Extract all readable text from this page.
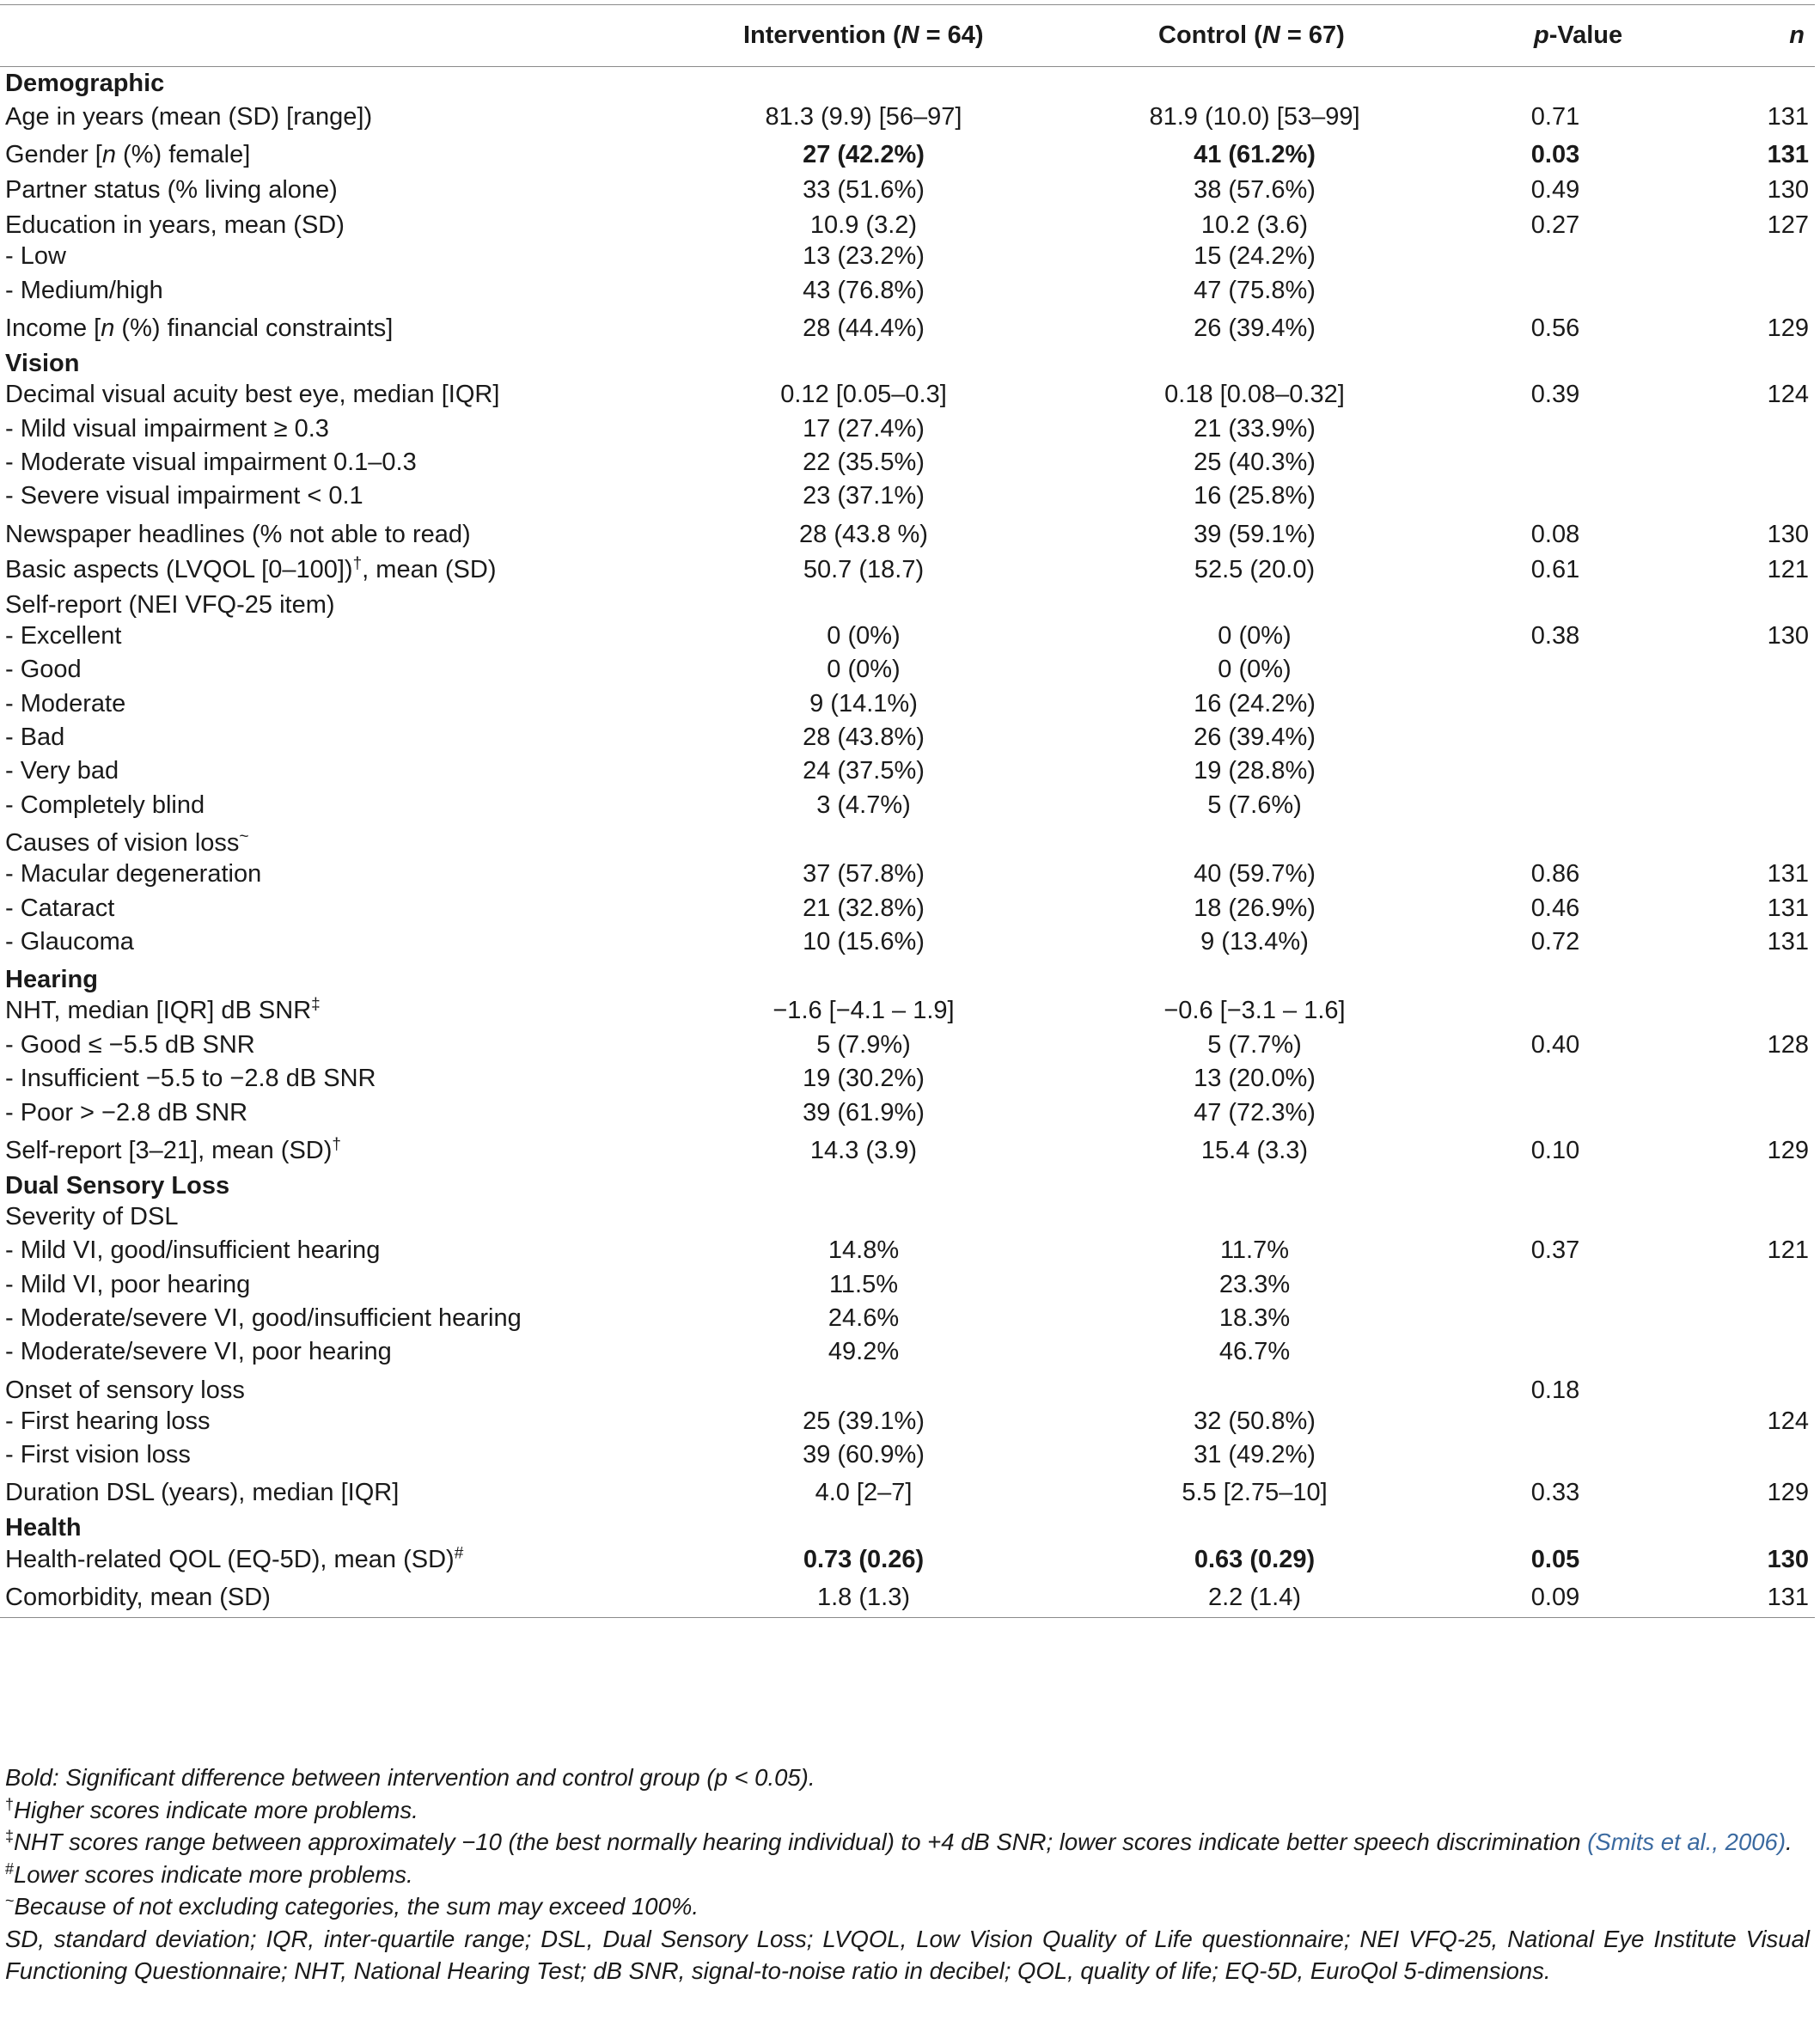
	Intervention (N = 64)	Control (N = 67)	p-Value	n
Demographic				
Age in years (mean (SD) [range])	81.3 (9.9) [56–97]	81.9 (10.0) [53–99]	0.71	131
Gender [n (%) female]	27 (42.2%)	41 (61.2%)	0.03	131
Partner status (% living alone)	33 (51.6%)	38 (57.6%)	0.49	130
Education in years, mean (SD)	10.9 (3.2)	10.2 (3.6)	0.27	127
- Low	13 (23.2%)	15 (24.2%)		
- Medium/high	43 (76.8%)	47 (75.8%)		
Income [n (%) financial constraints]	28 (44.4%)	26 (39.4%)	0.56	129
Vision				
Decimal visual acuity best eye, median [IQR]	0.12 [0.05–0.3]	0.18 [0.08–0.32]	0.39	124
- Mild visual impairment ≥ 0.3	17 (27.4%)	21 (33.9%)		
- Moderate visual impairment 0.1–0.3	22 (35.5%)	25 (40.3%)		
- Severe visual impairment < 0.1	23 (37.1%)	16 (25.8%)		
Newspaper headlines (% not able to read)	28 (43.8 %)	39 (59.1%)	0.08	130
Basic aspects (LVQOL [0–100])†, mean (SD)	50.7 (18.7)	52.5 (20.0)	0.61	121
Self-report (NEI VFQ-25 item)				
- Excellent	0 (0%)	0 (0%)	0.38	130
- Good	0 (0%)	0 (0%)		
- Moderate	9 (14.1%)	16 (24.2%)		
- Bad	28 (43.8%)	26 (39.4%)		
- Very bad	24 (37.5%)	19 (28.8%)		
- Completely blind	3 (4.7%)	5 (7.6%)		
Causes of vision loss~				
- Macular degeneration	37 (57.8%)	40 (59.7%)	0.86	131
- Cataract	21 (32.8%)	18 (26.9%)	0.46	131
- Glaucoma	10 (15.6%)	9 (13.4%)	0.72	131
Hearing				
NHT, median [IQR] dB SNR‡	−1.6 [−4.1 – 1.9]	−0.6 [−3.1 – 1.6]		
- Good ≤ −5.5 dB SNR	5 (7.9%)	5 (7.7%)	0.40	128
- Insufficient −5.5 to −2.8 dB SNR	19 (30.2%)	13 (20.0%)		
- Poor > −2.8 dB SNR	39 (61.9%)	47 (72.3%)		
Self-report [3–21], mean (SD)†	14.3 (3.9)	15.4 (3.3)	0.10	129
Dual Sensory Loss				
Severity of DSL				
- Mild VI, good/insufficient hearing	14.8%	11.7%	0.37	121
- Mild VI, poor hearing	11.5%	23.3%		
- Moderate/severe VI, good/insufficient hearing	24.6%	18.3%		
- Moderate/severe VI, poor hearing	49.2%	46.7%		
Onset of sensory loss			0.18	
- First hearing loss	25 (39.1%)	32 (50.8%)		124
- First vision loss	39 (60.9%)	31 (49.2%)		
Duration DSL (years), median [IQR]	4.0 [2–7]	5.5 [2.75–10]	0.33	129
Health				
Health-related QOL (EQ-5D), mean (SD)#	0.73 (0.26)	0.63 (0.29)	0.05	130
Comorbidity, mean (SD)	1.8 (1.3)	2.2 (1.4)	0.09	131

Bold: Significant difference between intervention and control group (p < 0.05).

†Higher scores indicate more problems.

‡NHT scores range between approximately −10 (the best normally hearing individual) to +4 dB SNR; lower scores indicate better speech discrimination (Smits et al., 2006).

#Lower scores indicate more problems.

~Because of not excluding categories, the sum may exceed 100%.

SD, standard deviation; IQR, inter-quartile range; DSL, Dual Sensory Loss; LVQOL, Low Vision Quality of Life questionnaire; NEI VFQ-25, National Eye Institute Visual Functioning Questionnaire; NHT, National Hearing Test; dB SNR, signal-to-noise ratio in decibel; QOL, quality of life; EQ-5D, EuroQol 5-dimensions.
